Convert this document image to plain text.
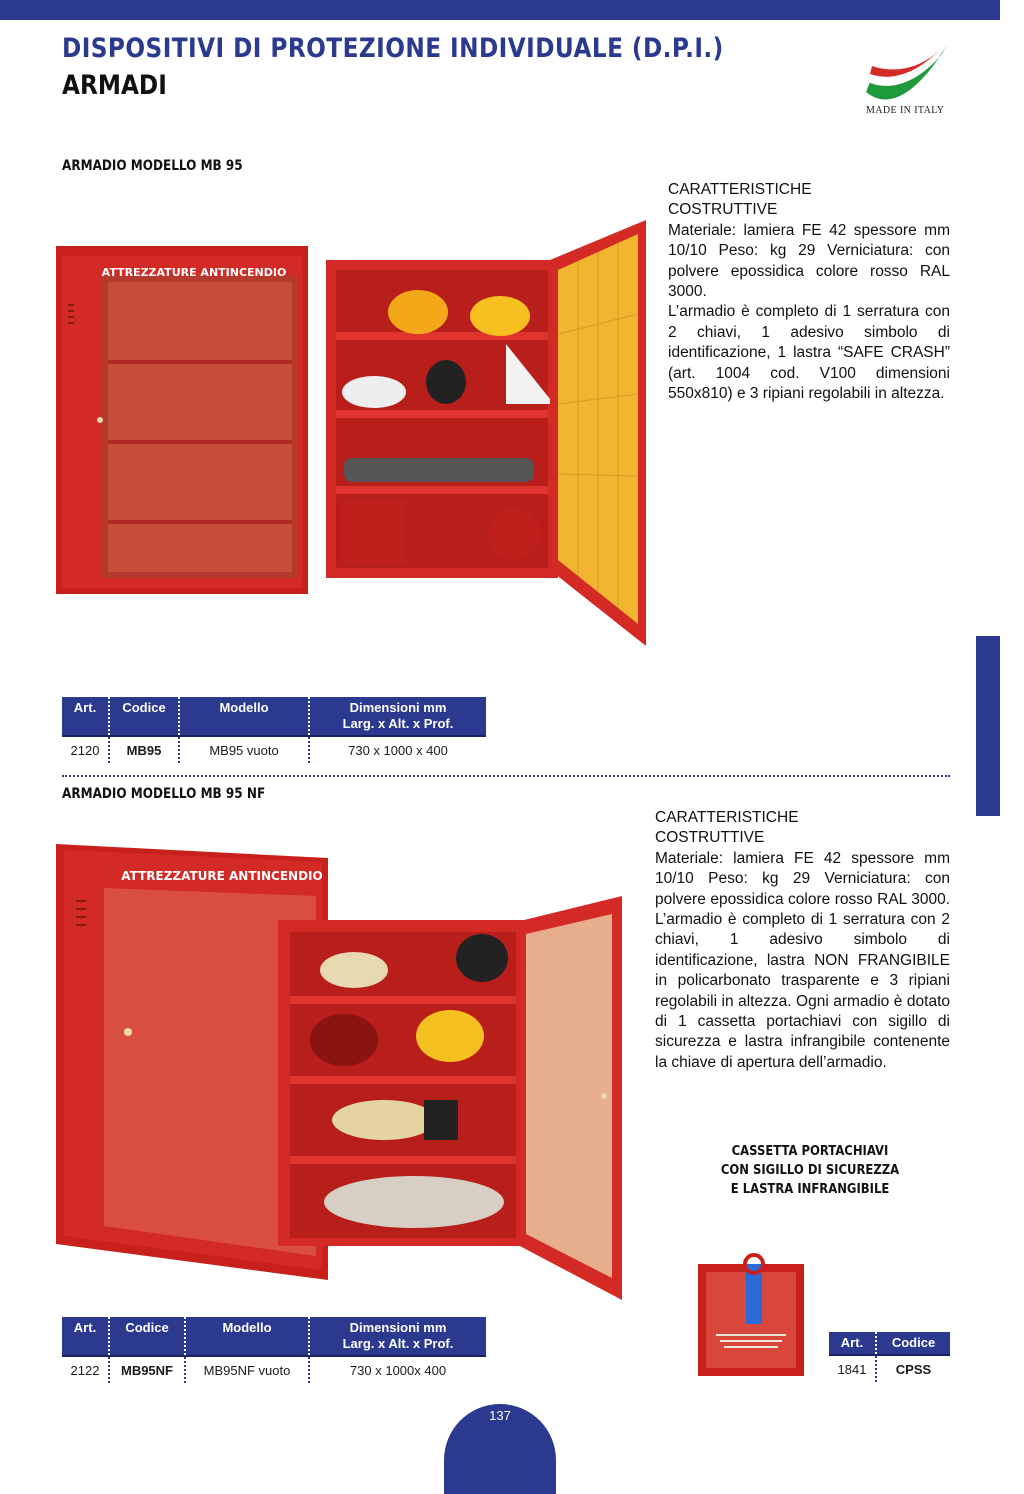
DISPOSITIVI DI PROTEZIONE INDIVIDUALE (D.P.I.)
ARMADI
MADE IN ITALY
ARMADIO MODELLO MB 95
ATTREZZATURE ANTINCENDIO

CARATTERISTICHE

COSTRUTTIVE

Materiale: lamiera FE 42 spessore mm 10/10 Peso: kg 29 Verniciatura: con polvere epossidica colore rosso RAL 3000.

L’armadio è completo di 1 serratura con 2 chiavi, 1 adesivo simbolo di identificazione, 1 lastra “SAFE CRASH” (art. 1004 cod. V100 dimensioni 550x810) e 3 ripiani regolabili in altezza.

Art.	Codice	Modello	Dimensioni mm
Larg. x Alt. x Prof.

2120	MB95	MB95 vuoto	730 x 1000 x 400
ARMADIO MODELLO MB 95 NF
ATTREZZATURE ANTINCENDIO

CARATTERISTICHE

COSTRUTTIVE

Materiale: lamiera FE 42 spessore mm 10/10 Peso: kg 29 Verniciatura: con polvere epossidica colore rosso RAL 3000. L’armadio è completo di 1 serratura con 2 chiavi, 1 adesivo simbolo di identificazione, lastra NON FRANGIBILE in policarbonato trasparente e 3 ripiani regolabili in altezza. Ogni armadio è dotato di 1 cassetta portachiavi con sigillo di sicurezza e lastra infrangibile contenente la chiave di apertura dell’armadio.

CASSETTA PORTACHIAVI
CON SIGILLO DI SICUREZZA
E LASTRA INFRANGIBILE
Art.	Codice	Modello	Dimensioni mm
Larg. x Alt. x Prof.

2122	MB95NF	MB95NF vuoto	730 x 1000x 400
Art.	Codice
1841	CPSS
137
